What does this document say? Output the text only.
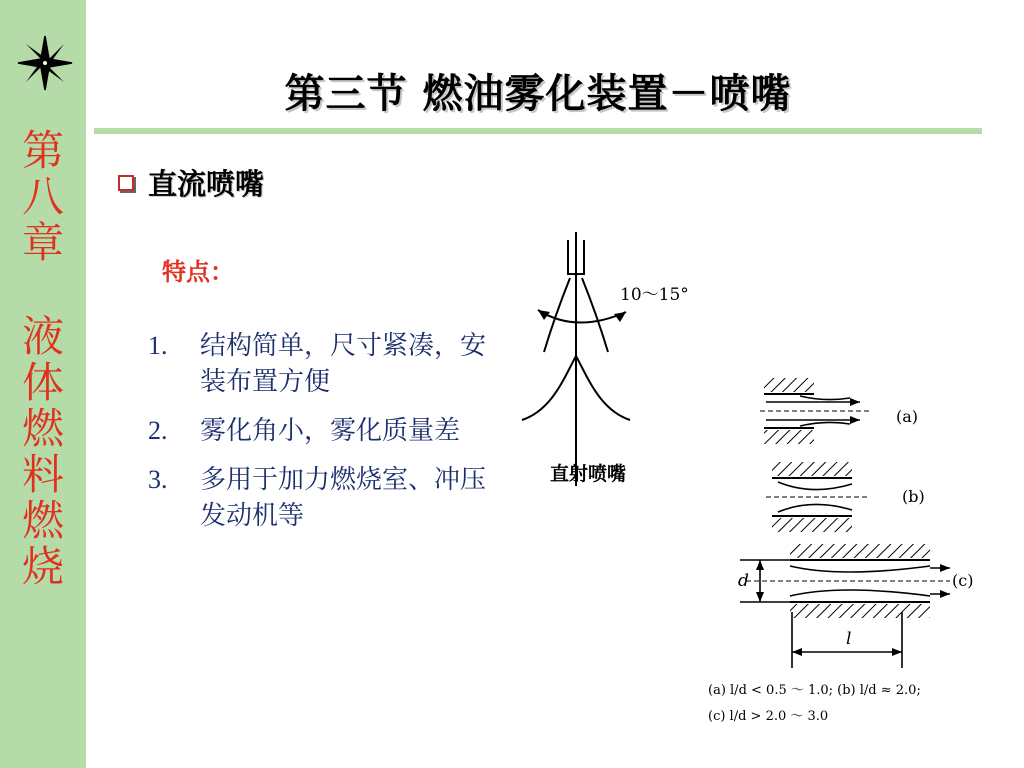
第八章
液体燃料燃烧
第三节 燃油雾化装置－喷嘴
直流喷嘴
特点：
1.	结构简单，尺寸紧凑，安装布置方便
2.	雾化角小，雾化质量差
3.	多用于加力燃烧室、冲压发动机等
10～15°
直射喷嘴
(a)
(b)
(c)
d
l
(a) l/d < 0.5 ～ 1.0; (b) l/d ≈ 2.0;
(c) l/d > 2.0 ～ 3.0
